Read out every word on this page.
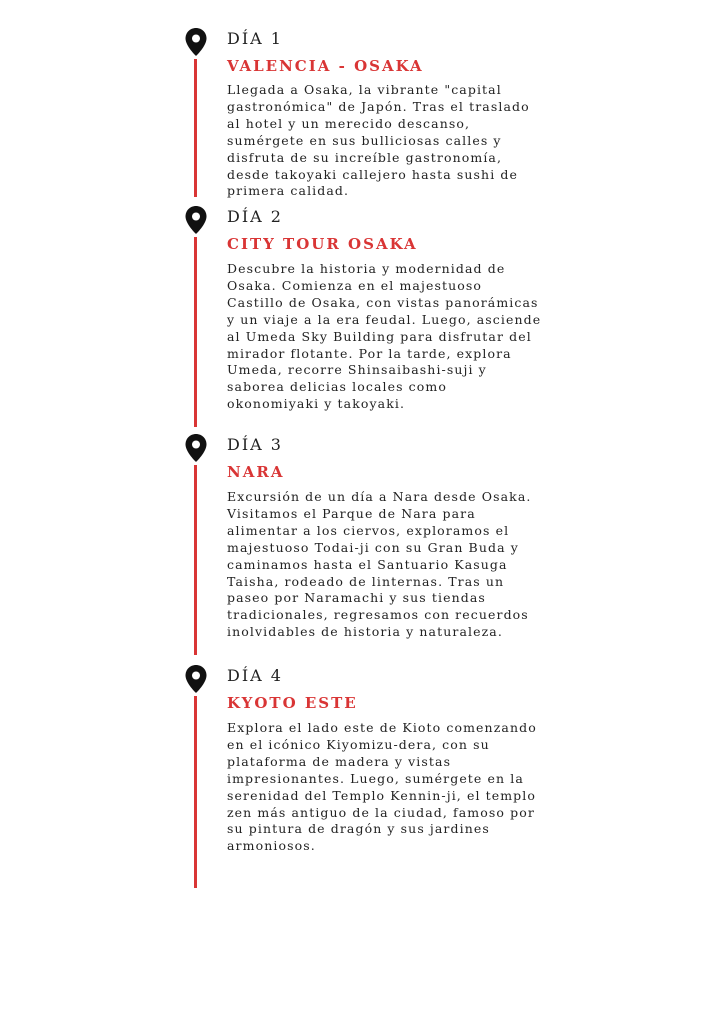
DÍA 1
VALENCIA - OSAKA

Llegada a Osaka, la vibrante "capital gastronómica" de Japón. Tras el traslado al hotel y un merecido descanso, sumérgete en sus bulliciosas calles y disfruta de su increíble gastronomía, desde takoyaki callejero hasta sushi de primera calidad.

DÍA 2
CITY TOUR OSAKA

Descubre la historia y modernidad de Osaka. Comienza en el majestuoso Castillo de Osaka, con vistas panorámicas y un viaje a la era feudal. Luego, asciende al Umeda Sky Building para disfrutar del mirador flotante. Por la tarde, explora Umeda, recorre Shinsaibashi-suji y saborea delicias locales como okonomiyaki y takoyaki.

DÍA 3
NARA

Excursión de un día a Nara desde Osaka. Visitamos el Parque de Nara para alimentar a los ciervos, exploramos el majestuoso Todai-ji con su Gran Buda y caminamos hasta el Santuario Kasuga Taisha, rodeado de linternas. Tras un paseo por Naramachi y sus tiendas tradicionales, regresamos con recuerdos inolvidables de historia y naturaleza.

DÍA 4
KYOTO ESTE

Explora el lado este de Kioto comenzando en el icónico Kiyomizu-dera, con su plataforma de madera y vistas impresionantes. Luego, sumérgete en la serenidad del Templo Kennin-ji, el templo zen más antiguo de la ciudad, famoso por su pintura de dragón y sus jardines armoniosos.
